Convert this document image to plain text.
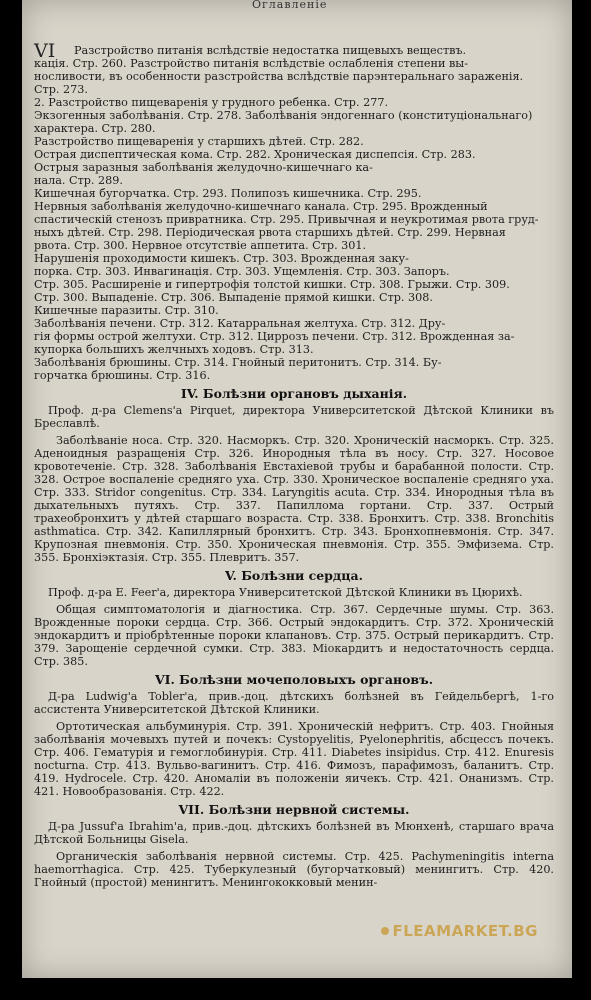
Оглавленіе
VI	Разстройство питанія вслѣдствіе недостатка пищевыхъ веществъ.
кація. Стр. 260. Разстройство питанія вслѣдствіе ослабленія степени вы-
носливости, въ особенности разстройства вслѣдствіе парэнтеральнаго зараженія.
Стр. 273.
2. Разстройство пищеваренія у грудного ребенка. Стр. 277.
Экзогенныя заболѣванія. Стр. 278. Заболѣванія эндогеннаго (конституціональнаго)
характера. Стр. 280.
Разстройство пищеваренія у старшихъ дѣтей. Стр. 282.
Острая диспептическая кома. Стр. 282. Хроническая диспепсія. Стр. 283.
Острыя заразныя заболѣванія желудочно-кишечнаго ка-
нала. Стр. 289.
Кишечная бугорчатка. Стр. 293. Полипозъ кишечника. Стр. 295.
Нервныя заболѣванія желудочно-кишечнаго канала. Стр. 295. Врожденный
спастическій стенозъ привратника. Стр. 295. Привычная и неукротимая рвота груд-
ныхъ дѣтей. Стр. 298. Періодическая рвота старшихъ дѣтей. Стр. 299. Нервная
рвота. Стр. 300. Нервное отсутствіе аппетита. Стр. 301.
Нарушенія проходимости кишекъ. Стр. 303. Врожденная заку-
порка. Стр. 303. Инвагинація. Стр. 303. Ущемленія. Стр. 303. Запоръ.
Стр. 305. Расширеніе и гипертрофія толстой кишки. Стр. 308. Грыжи. Стр. 309.
Стр. 300. Выпаденіе. Стр. 306. Выпаденіе прямой кишки. Стр. 308.
Кишечные паразиты. Стр. 310.
Заболѣванія печени. Стр. 312. Катарральная желтуха. Стр. 312. Дру-
гія формы острой желтухи. Стр. 312. Циррозъ печени. Стр. 312. Врожденная за-
купорка большихъ желчныхъ ходовъ. Стр. 313.
Заболѣванія брюшины. Стр. 314. Гнойный перитонитъ. Стр. 314. Бу-
горчатка брюшины. Стр. 316.
IV. Болѣзни органовъ дыханія.

Проф. д-ра Clemens'a Pirquet, директора Университетской Дѣтской Клиники въ Бреславлѣ.

Заболѣваніе носа. Стр. 320. Насморкъ. Стр. 320. Хроническій насморкъ. Стр. 325. Аденоидныя разращенія Стр. 326. Инородныя тѣла въ носу. Стр. 327. Носовое кровотеченіе. Стр. 328. Заболѣванія Евстахіевой трубы и барабанной полости. Стр. 328. Острое воспаленіе средняго уха. Стр. 330. Хроническое воспаленіе средняго уха. Стр. 333. Stridor congenitus. Стр. 334. Laryngitis acuta. Стр. 334. Инородныя тѣла въ дыхательныхъ путяхъ. Стр. 337. Папиллома гортани. Стр. 337. Острый трахеобронхитъ у дѣтей старшаго возраста. Стр. 338. Бронхитъ. Стр. 338. Bronchitis asthmatica. Стр. 342. Капиллярный бронхитъ. Стр. 343. Бронхопневмонія. Стр. 347. Крупозная пневмонія. Стр. 350. Хроническая пневмонія. Стр. 355. Эмфизема. Стр. 355. Бронхіэктазія. Стр. 355. Плевритъ. 357.

V. Болѣзни сердца.

Проф. д-ра E. Feer'a, директора Университетской Дѣтской Клиники въ Цюрихѣ.

Общая симптоматологія и діагностика. Стр. 367. Сердечные шумы. Стр. 363. Врожденные пороки сердца. Стр. 366. Острый эндокардитъ. Стр. 372. Хроническій эндокардитъ и пріобрѣтенные пороки клапановъ. Стр. 375. Острый перикардитъ. Стр. 379. Зарощеніе сердечной сумки. Стр. 383. Міокардитъ и недостаточность сердца. Стр. 385.

VI. Болѣзни мочеполовыхъ органовъ.

Д-ра Ludwig'a Tobler'a, прив.-доц. дѣтскихъ болѣзней въ Гейдельбергѣ, 1-го ассистента Университетской Дѣтской Клиники.

Ортотическая альбуминурія. Стр. 391. Хроническій нефритъ. Стр. 403. Гнойныя заболѣванія мочевыхъ путей и почекъ: Cystopyelitis, Pyelonephritis, абсцессъ почекъ. Стр. 406. Гематурія и гемоглобинурія. Стр. 411. Diabetes insipidus. Стр. 412. Enuresis nocturna. Стр. 413. Вульво-вагинитъ. Стр. 416. Фимозъ, парафимозъ, баланитъ. Стр. 419. Hydrocele. Стр. 420. Аномаліи въ положеніи яичекъ. Стр. 421. Онанизмъ. Стр. 421. Новообразованія. Стр. 422.

VII. Болѣзни нервной системы.

Д-ра Jussuf'a Ibrahim'a, прив.-доц. дѣтскихъ болѣзней въ Мюнхенѣ, старшаго врача Дѣтской Больницы Gisela.

Органическія заболѣванія нервной системы. Стр. 425. Pachymeningitis interna haemorrhagica. Стр. 425. Туберкулезный (бугорчатковый) менингитъ. Стр. 420. Гнойный (простой) менингитъ. Менингококковый менин-

FLEAMARKET.BG
